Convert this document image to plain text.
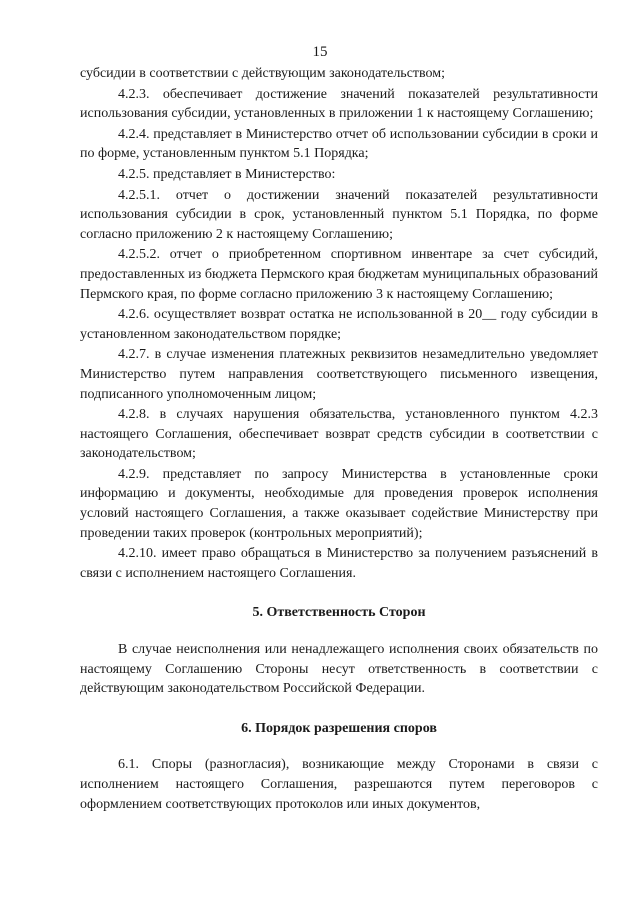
15

субсидии в соответствии с действующим законодательством;

4.2.3. обеспечивает достижение значений показателей результативности использования субсидии, установленных в приложении 1 к настоящему Соглашению;

4.2.4. представляет в Министерство отчет об использовании субсидии в сроки и по форме, установленным пунктом 5.1 Порядка;

4.2.5. представляет в Министерство:

4.2.5.1. отчет о достижении значений показателей результативности использования субсидии в срок, установленный пунктом 5.1 Порядка, по форме согласно приложению 2 к настоящему Соглашению;

4.2.5.2. отчет о приобретенном спортивном инвентаре за счет субсидий, предоставленных из бюджета Пермского края бюджетам муниципальных образований Пермского края, по форме согласно приложению 3 к настоящему Соглашению;

4.2.6. осуществляет возврат остатка не использованной в 20__ году субсидии в установленном законодательством порядке;

4.2.7. в случае изменения платежных реквизитов незамедлительно уведомляет Министерство путем направления соответствующего письменного извещения, подписанного уполномоченным лицом;

4.2.8. в случаях нарушения обязательства, установленного пунктом 4.2.3 настоящего Соглашения, обеспечивает возврат средств субсидии в соответствии с законодательством;

4.2.9. представляет по запросу Министерства в установленные сроки информацию и документы, необходимые для проведения проверок исполнения условий настоящего Соглашения, а также оказывает содействие Министерству при проведении таких проверок (контрольных мероприятий);

4.2.10. имеет право обращаться в Министерство за получением разъяснений в связи с исполнением настоящего Соглашения.

5. Ответственность Сторон

В случае неисполнения или ненадлежащего исполнения своих обязательств по настоящему Соглашению Стороны несут ответственность в соответствии с действующим законодательством Российской Федерации.

6. Порядок разрешения споров

6.1. Споры (разногласия), возникающие между Сторонами в связи с исполнением настоящего Соглашения, разрешаются путем переговоров с оформлением соответствующих протоколов или иных документов,
